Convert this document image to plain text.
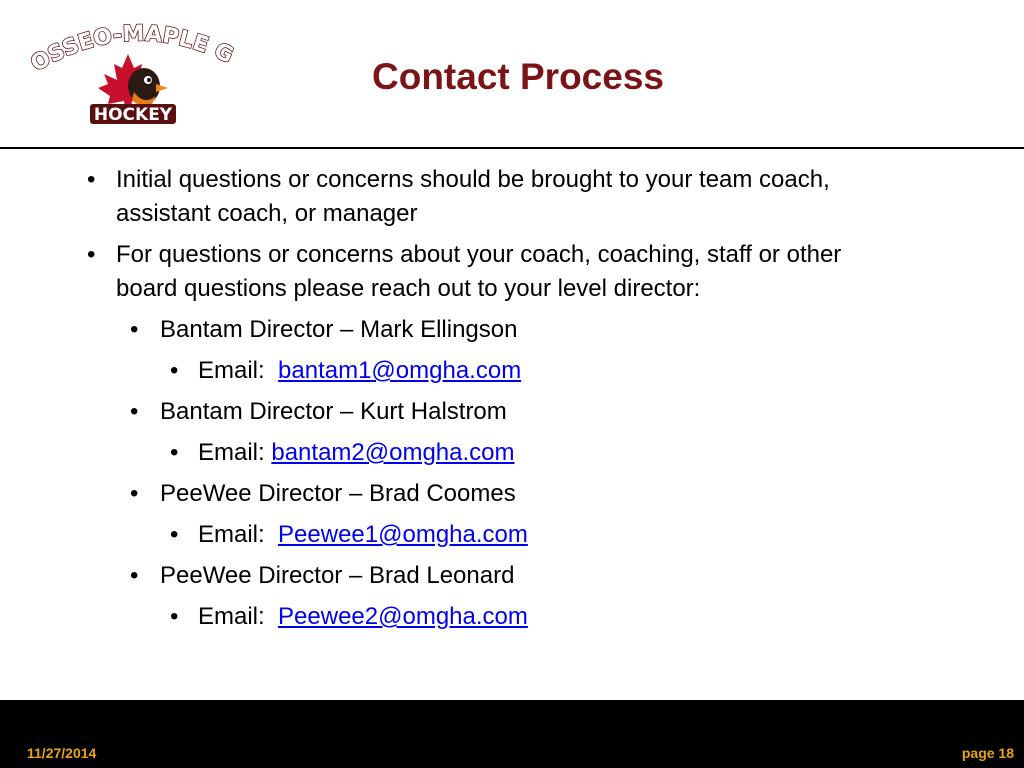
OSSEO-MAPLE
HOCKEY
Contact Process
• Initial questions or concerns should be brought to your team coach,
assistant coach, or manager
• For questions or concerns about your coach, coaching, staff or other
board questions please reach out to your level director:
• Bantam Director – Mark Ellingson
• Email: bantam1@omgha.com
• Bantam Director – Kurt Halstrom
• Email: bantam2@omgha.com
• PeeWee Director – Brad Coomes
• Email: Peewee1@omgha.com
• PeeWee Director – Brad Leonard
• Email: Peewee2@omgha.com
11/27/2014	page 18
